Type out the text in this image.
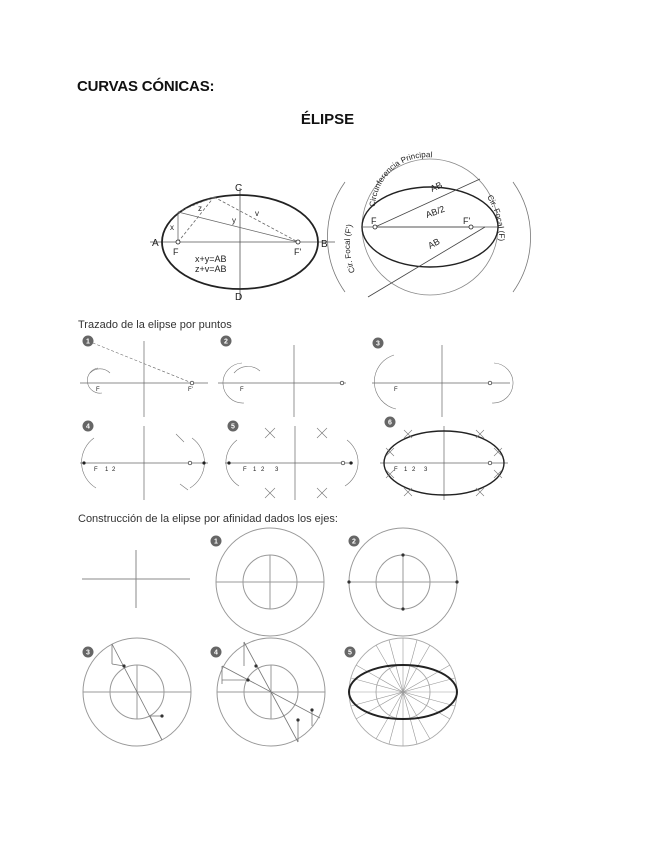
CURVAS CÓNICAS:
ÉLIPSE
A	B
C
D
F	F'
x
y
z
v
x+y=AB
z+v=AB
Circunferencia Principal
Cir. Focal (F')
Cir. Focal (F)
AB
AB/2
AB
F	F'
Trazado de la elipse por puntos
F'
F
1
F
2
F
3
F 1 2
4
F 1 2 3
5
F 1 2 3
6
Construcción de la elipse por afinidad dados los ejes:
1	2
3	4	5
